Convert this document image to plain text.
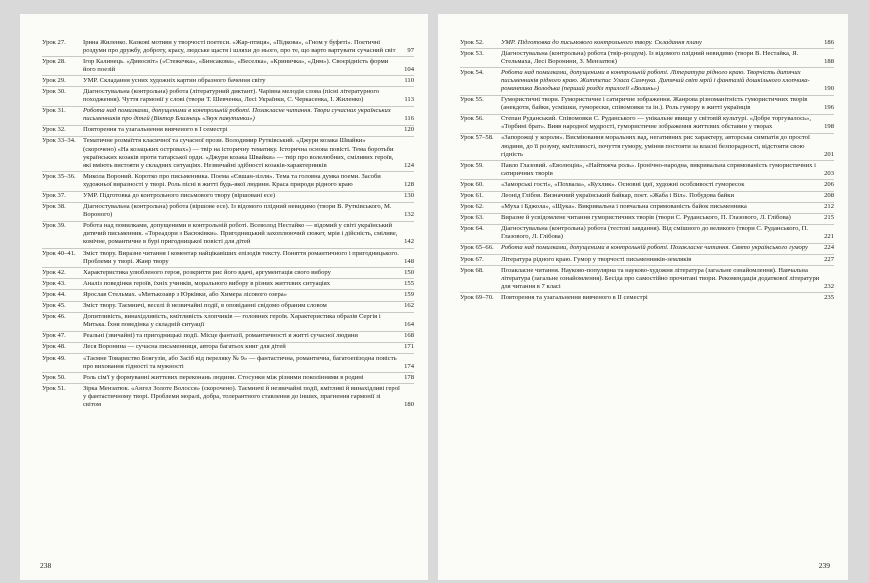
Урок 27.	Ірина Жиленко. Казкові мотиви у творчості поетеси. «Жар-птиця», «Підкова», «Гном у буфеті». Поетичні роздуми про дружбу, доброту, красу, людське щастя і шляхи до нього, про те, що варто вартувати сучасний світ	97
Урок 28.	Ігор Калинець. «Дивосвіт» («Стежечка», «Бинсакова», «Веселка», «Криничка», «Дим»). Своєрідність форми його поезій	104
Урок 29.	УМР. Складання усних художніх картин образного бачення світу	110
Урок 30.	Діагностувальна (контрольна) робота (літературний диктант). Чарівна мелодія слова (пісні літературного походження). Чуття гармонії у слові (твори Т. Шевченка, Лесі Українки, С. Черкасенка, І. Жиленко)	113
Урок 31.	Робота над помилками, допущеними в контрольній роботі. Позакласне читання. Твори сучасних українських письменників про дітей (Віктор Близнець «Звук павутинки»)	116
Урок 32.	Повторення та узагальнення вивченого в І семестрі	120
Урок 33–34.	Тематичне розмаїття класичної та сучасної прози. Володимир Рутківський. «Джури козака Швайки» (скорочено) «На козацьких островах») — твір на історичну тематику. Історична основа повісті. Тема боротьби українських козаків проти татарської орди. «Джури козака Швайки» — твір про волелюбних, сміливих героїв, які вміють вистояти у складних ситуаціях. Незвичайні здібності козаків-характерників	124
Урок 35–36.	Микола Вороний. Коротко про письменника. Поема «Євшан-зілля». Тема та головна думка поеми. Засоби художньої виразності у творі. Роль пісні в житті будь-якої людини. Краса природи рідного краю	128
Урок 37.	УМР. Підготовка до контрольного письмового твору (віршовані есе)	130
Урок 38.	Діагностувальна (контрольна) робота (віршове есе). Із відомого плідний невидимо (твори В. Рутківського, М. Вороного)	132
Урок 39.	Робота над помилками, допущеними в контрольній роботі. Всеволод Нестайко — відомий у світі український дитячий письменник. «Тореадори з Васюківки». Пригодницький захоплюючий сюжет, мрія і дійсність, сміливе, комічне, романтичне в бурі пригодницької повісті для дітей	142
Урок 40–41.	Зміст твору. Виразне читання і коментар найцікавіших епізодів тексту. Поняття романтичного і пригодницького. Проблеми у творі. Жанр твору	148
Урок 42.	Характеристика улюбленого героя, розкриття рис його вдачі, аргументація свого вибору	150
Урок 43.	Аналіз поведінки героїв, їхніх учинків, морального вибору в різних життєвих ситуаціях	155
Урок 44.	Ярослав Стельмах. «Митькозавр з Юрківки, або Химера лісового озера»	159
Урок 45.	Зміст твору. Таємничі, веселі й незвичайні події, в оповіданні свідомо обраним словом	162
Урок 46.	Допитливість, винахідливість, кмітливість хлопчиків — головних героїв. Характеристика образів Сергія і Митька. Їхня поведінка у складній ситуації	164
Урок 47.	Реальні (звичайні) та пригодницькі події. Місце фантазії, романтичності в житті сучасної людини	168
Урок 48.	Леся Воронина — сучасна письменниця, автора багатьох книг для дітей	171
Урок 49.	«Таємне Товариство Боягузів, або Засіб від переляку № 9» — фантастична, романтична, багатоепізодна повість про виховання гідності та мужності	174
Урок 50.	Роль сім'ї у формуванні життєвих переконань людини. Стосунки між різними поколіннями в родині	178
Урок 51.	Зірка Мензатюк. «Ангел Золоте Волосся» (скорочено). Таємничі й незвичайні події, кмітливі й винахідливі герої у фантастичному творі. Проблеми моралі, добра, толерантного ставлення до інших, прагнення гармонії зі світом	180
238
Урок 52.	УМР. Підготовка до письмового контрольного твору. Складання плану	186
Урок 53.	Діагностувальна (контрольна) робота (твір-роздум). Із відомого плідний невидимо (твори В. Нестайка, Я. Стельмаха, Лесі Воронини, З. Мензатюк)	188
Урок 54.	Робота над помилками, допущеними в контрольній роботі. Література рідного краю. Творчість дитячих письменників рідного краю. Життєпис Уласа Самчука. Дитячий світ мрій і фантазій дошкільного хлопчика-романтика Володька (перший розділ трилогії «Волинь»)	190
Урок 55.	Гумористичні твори. Гумористичне і сатиричне зображення. Жанрова різноманітність гумористичних творів (анекдоти, байки, усмішки, гуморески, співомовки та ін.). Роль гумору в житті українців	196
Урок 56.	Степан Руданський. Співомовки С. Руданського — унікальне явище у світовій культурі. «Добре торгувалось», «Торбині брат». Вияв народної мудрості, гумористичне зображення життєвих обставин у творах	198
Урок 57–58.	«Запорожці у короля». Висміювання моральних вад, негативних рис характеру, авторська симпатія до простої людини, до її розуму, кмітливості, почуття гумору, уміння постояти за власні безпорадності, відстояти свою гідність	201
Урок 59.	Павло Глазовий. «Еволюція», «Найтяжча роль». Іронічно-народна, викривальна спрямованість гумористичних і сатиричних творів	203
Урок 60.	«Заморські гості», «Похвала», «Кухлик». Основні ідеї, художні особливості гуморесок	206
Урок 61.	Леонід Глібов. Визначний український байкар, поет. «Жаба і Віл». Побудова байки	208
Урок 62.	«Муха і Бджола», «Щука». Викривальна і повчальна спрямованість байок письменника	212
Урок 63.	Виразне й усвідомлене читання гумористичних творів (твори С. Руданського, П. Глазового, Л. Глібова)	215
Урок 64.	Діагностувальна (контрольна) робота (тестові завдання). Від смішного до великого (твори С. Руданського, П. Глазового, Л. Глібова)	221
Урок 65–66.	Робота над помилками, допущеними в контрольній роботі. Позакласне читання. Свято українського гумору	224
Урок 67.	Література рідного краю. Гумор у творчості письменників-земляків	227
Урок 68.	Позакласне читання. Науково-популярна та науково-художня література (загальне ознайомлення). Навчальна література (загальне ознайомлення). Бесіда про самостійно прочитані твори. Рекомендація додаткової літератури для читання в 7 класі	232
Урок 69–70.	Повторення та узагальнення вивченого в ІІ семестрі	235
239
